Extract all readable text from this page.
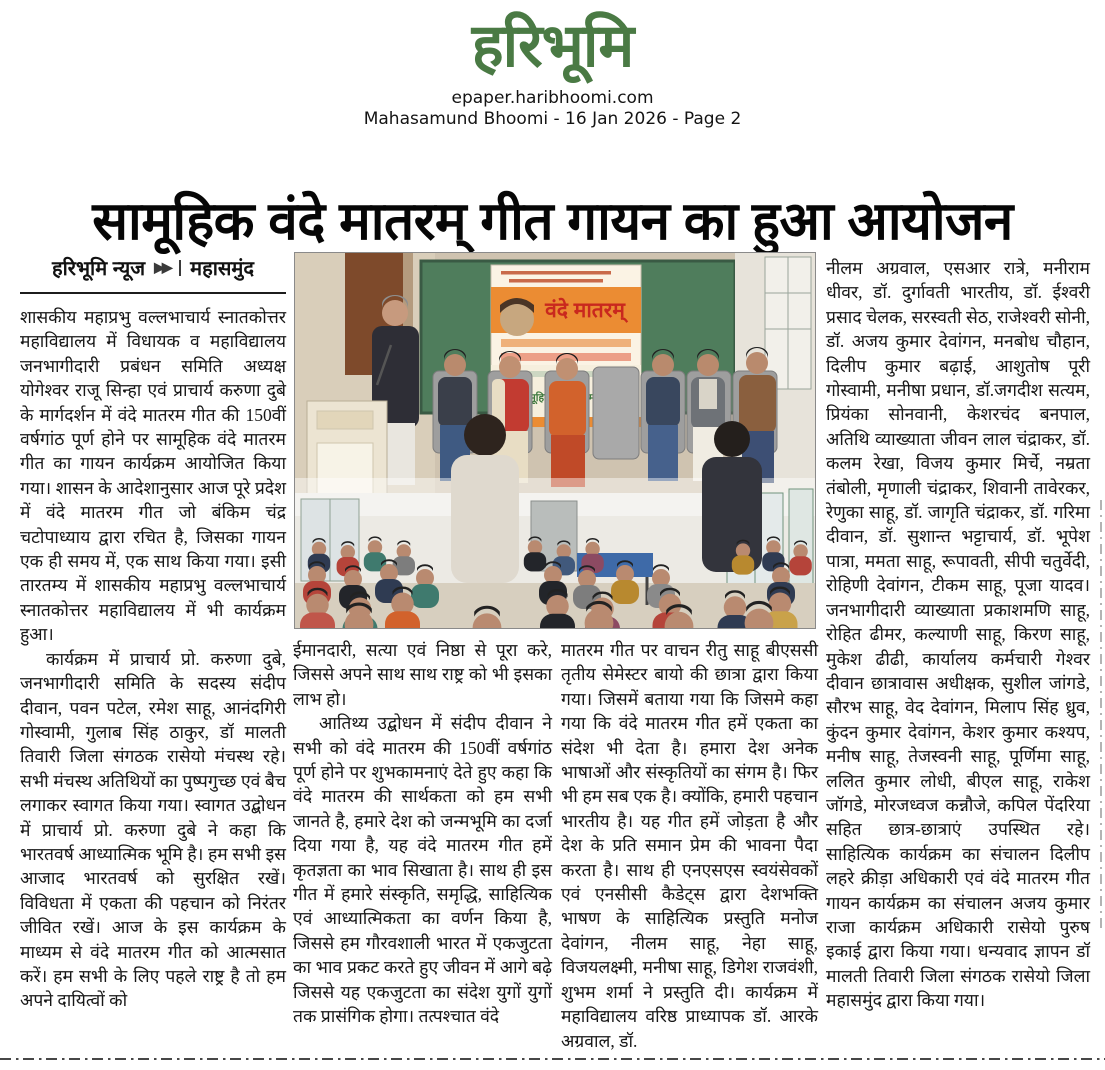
हरिभूमि
epaper.haribhoomi.com
Mahasamund Bhoomi - 16 Jan 2026 - Page 2
सामूहिक वंदे मातरम् गीत गायन का हुआ आयोजन
हरिभूमि न्यूज ▶▶ महासमुंद

शासकीय महाप्रभु वल्लभाचार्य स्नातकोत्तर महाविद्यालय में विधायक व महाविद्यालय जनभागीदारी प्रबंधन समिति अध्यक्ष योगेश्वर राजू सिन्हा एवं प्राचार्य करुणा दुबे के मार्गदर्शन में वंदे मातरम गीत की 150वीं वर्षगांठ पूर्ण होने पर सामूहिक वंदे मातरम गीत का गायन कार्यक्रम आयोजित किया गया। शासन के आदेशानुसार आज पूरे प्रदेश में वंदे मातरम गीत जो बंकिम चंद्र चटोपाध्याय द्वारा रचित है, जिसका गायन एक ही समय में, एक साथ किया गया। इसी तारतम्य में शासकीय महाप्रभु वल्लभाचार्य स्नातकोत्तर महाविद्यालय में भी कार्यक्रम हुआ।

कार्यक्रम में प्राचार्य प्रो. करुणा दुबे, जनभागीदारी समिति के सदस्य संदीप दीवान, पवन पटेल, रमेश साहू, आनंदगिरी गोस्वामी, गुलाब सिंह ठाकुर, डॉ मालती तिवारी जिला संगठक रासेयो मंचस्थ रहे। सभी मंचस्थ अतिथियों का पुष्पगुच्छ एवं बैच लगाकर स्वागत किया गया। स्वागत उद्बोधन में प्राचार्य प्रो. करुणा दुबे ने कहा कि भारतवर्ष आध्यात्मिक भूमि है। हम सभी इस आजाद भारतवर्ष को सुरक्षित रखें। विविधता में एकता की पहचान को निरंतर जीवित रखें। आज के इस कार्यक्रम के माध्यम से वंदे मातरम गीत को आत्मसात करें। हम सभी के लिए पहले राष्ट्र है तो हम अपने दायित्वों को

वंदे मातरम्
सामूहिक

ईमानदारी, सत्या एवं निष्ठा से पूरा करे, जिससे अपने साथ साथ राष्ट्र को भी इसका लाभ हो।

आतिथ्य उद्बोधन में संदीप दीवान ने सभी को वंदे मातरम की 150वीं वर्षगांठ पूर्ण होने पर शुभकामनाएं देते हुए कहा कि वंदे मातरम की सार्थकता को हम सभी जानते है, हमारे देश को जन्मभूमि का दर्जा दिया गया है, यह वंदे मातरम गीत हमें कृतज्ञता का भाव सिखाता है। साथ ही इस गीत में हमारे संस्कृति, समृद्धि, साहित्यिक एवं आध्यात्मिकता का वर्णन किया है, जिससे हम गौरवशाली भारत में एकजुटता का भाव प्रकट करते हुए जीवन में आगे बढ़े जिससे यह एकजुटता का संदेश युगों युगों तक प्रासंगिक होगा। तत्पश्चात वंदे

मातरम गीत पर वाचन रीतु साहू बीएससी तृतीय सेमेस्टर बायो की छात्रा द्वारा किया गया। जिसमें बताया गया कि जिसमे कहा गया कि वंदे मातरम गीत हमें एकता का संदेश भी देता है। हमारा देश अनेक भाषाओं और संस्कृतियों का संगम है। फिर भी हम सब एक है। क्योंकि, हमारी पहचान भारतीय है। यह गीत हमें जोड़ता है और देश के प्रति समान प्रेम की भावना पैदा करता है। साथ ही एनएसएस स्वयंसेवकों एवं एनसीसी कैडेट्स द्वारा देशभक्ति भाषण के साहित्यिक प्रस्तुति मनोज देवांगन, नीलम साहू, नेहा साहू, विजयलक्ष्मी, मनीषा साहू, डिगेश राजवंशी, शुभम शर्मा ने प्रस्तुति दी। कार्यक्रम में महाविद्यालय वरिष्ठ प्राध्यापक डॉ. आरके अग्रवाल, डॉ.

नीलम अग्रवाल, एसआर रात्रे, मनीराम धीवर, डॉ. दुर्गावती भारतीय, डॉ. ईश्वरी प्रसाद चेलक, सरस्वती सेठ, राजेश्वरी सोनी, डॉ. अजय कुमार देवांगन, मनबोध चौहान, दिलीप कुमार बढ़ाई, आशुतोष पूरी गोस्वामी, मनीषा प्रधान, डॉ.जगदीश सत्यम, प्रियंका सोनवानी, केशरचंद बनपाल, अतिथि व्याख्याता जीवन लाल चंद्राकर, डॉ. कलम रेखा, विजय कुमार मिर्चे, नम्रता तंबोली, मृणाली चंद्राकर, शिवानी तावेरकर, रेणुका साहू, डॉ. जागृति चंद्राकर, डॉ. गरिमा दीवान, डॉ. सुशान्त भट्टाचार्य, डॉ. भूपेश पात्रा, ममता साहू, रूपावती, सीपी चतुर्वेदी, रोहिणी देवांगन, टीकम साहू, पूजा यादव। जनभागीदारी व्याख्याता प्रकाशमणि साहू, रोहित ढीमर, कल्याणी साहू, किरण साहू, मुकेश ढीढी, कार्यालय कर्मचारी गेश्वर दीवान छात्रावास अधीक्षक, सुशील जांगडे, सौरभ साहू, वेद देवांगन, मिलाप सिंह ध्रुव, कुंदन कुमार देवांगन, केशर कुमार कश्यप, मनीष साहू, तेजस्वनी साहू, पूर्णिमा साहू, ललित कुमार लोधी, बीएल साहू, राकेश जॉगडे, मोरजध्वज कन्नौजे, कपिल पेंदरिया सहित छात्र-छात्राएं उपस्थित रहे। साहित्यिक कार्यक्रम का संचालन दिलीप लहरे क्रीड़ा अधिकारी एवं वंदे मातरम गीत गायन कार्यक्रम का संचालन अजय कुमार राजा कार्यक्रम अधिकारी रासेयो पुरुष इकाई द्वारा किया गया। धन्यवाद ज्ञापन डॉ मालती तिवारी जिला संगठक रासेयो जिला महासमुंद द्वारा किया गया।
